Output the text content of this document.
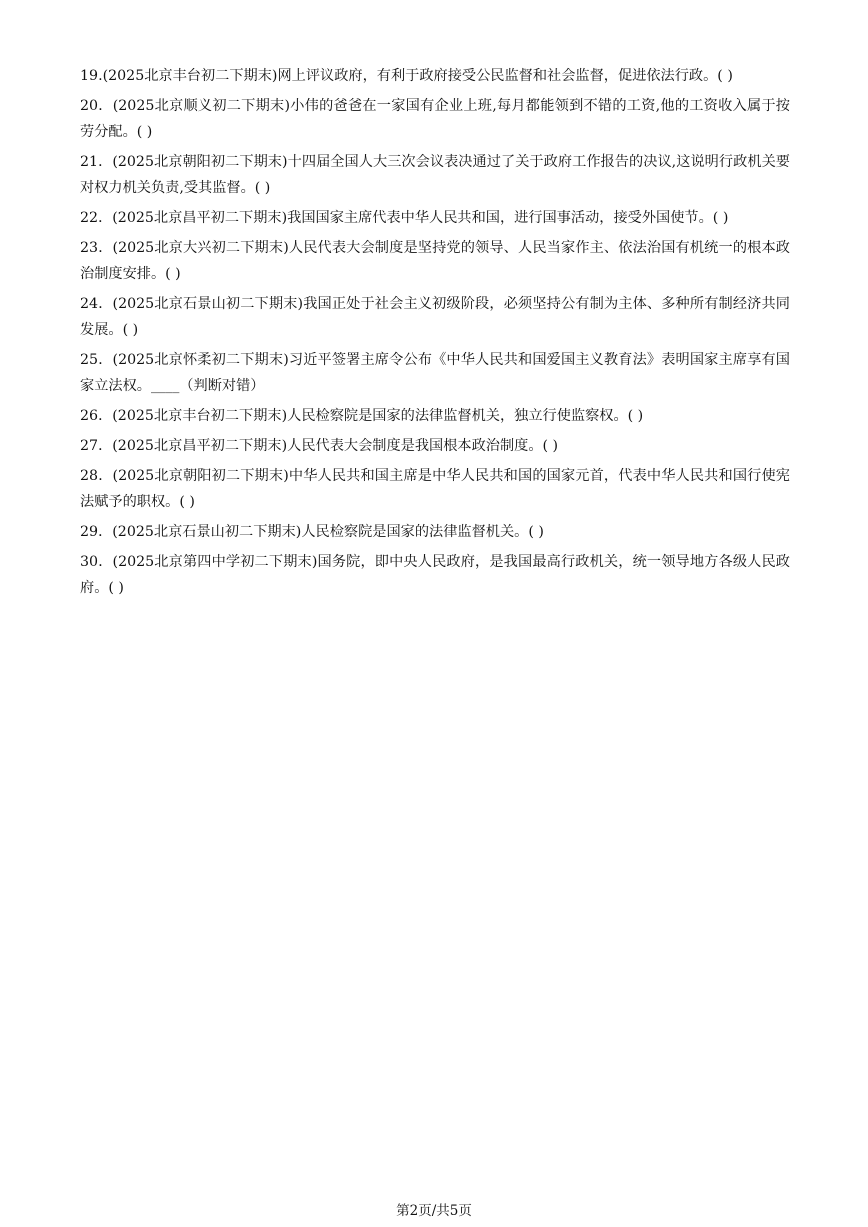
19.(2025北京丰台初二下期末)网上评议政府，有利于政府接受公民监督和社会监督，促进依法行政。( )

20．(2025北京顺义初二下期末)小伟的爸爸在一家国有企业上班,每月都能领到不错的工资,他的工资收入属于按劳分配。( )

21．(2025北京朝阳初二下期末)十四届全国人大三次会议表决通过了关于政府工作报告的决议,这说明行政机关要对权力机关负责,受其监督。( )

22．(2025北京昌平初二下期末)我国国家主席代表中华人民共和国，进行国事活动，接受外国使节。( )

23．(2025北京大兴初二下期末)人民代表大会制度是坚持党的领导、人民当家作主、依法治国有机统一的根本政治制度安排。( )

24．(2025北京石景山初二下期末)我国正处于社会主义初级阶段，必须坚持公有制为主体、多种所有制经济共同发展。( )

25．(2025北京怀柔初二下期末)习近平签署主席令公布《中华人民共和国爱国主义教育法》表明国家主席享有国家立法权。____（判断对错）

26．(2025北京丰台初二下期末)人民检察院是国家的法律监督机关，独立行使监察权。( )

27．(2025北京昌平初二下期末)人民代表大会制度是我国根本政治制度。( )

28．(2025北京朝阳初二下期末)中华人民共和国主席是中华人民共和国的国家元首，代表中华人民共和国行使宪法赋予的职权。( )

29．(2025北京石景山初二下期末)人民检察院是国家的法律监督机关。( )

30．(2025北京第四中学初二下期末)国务院，即中央人民政府，是我国最高行政机关，统一领导地方各级人民政府。( )

第2页/共5页
